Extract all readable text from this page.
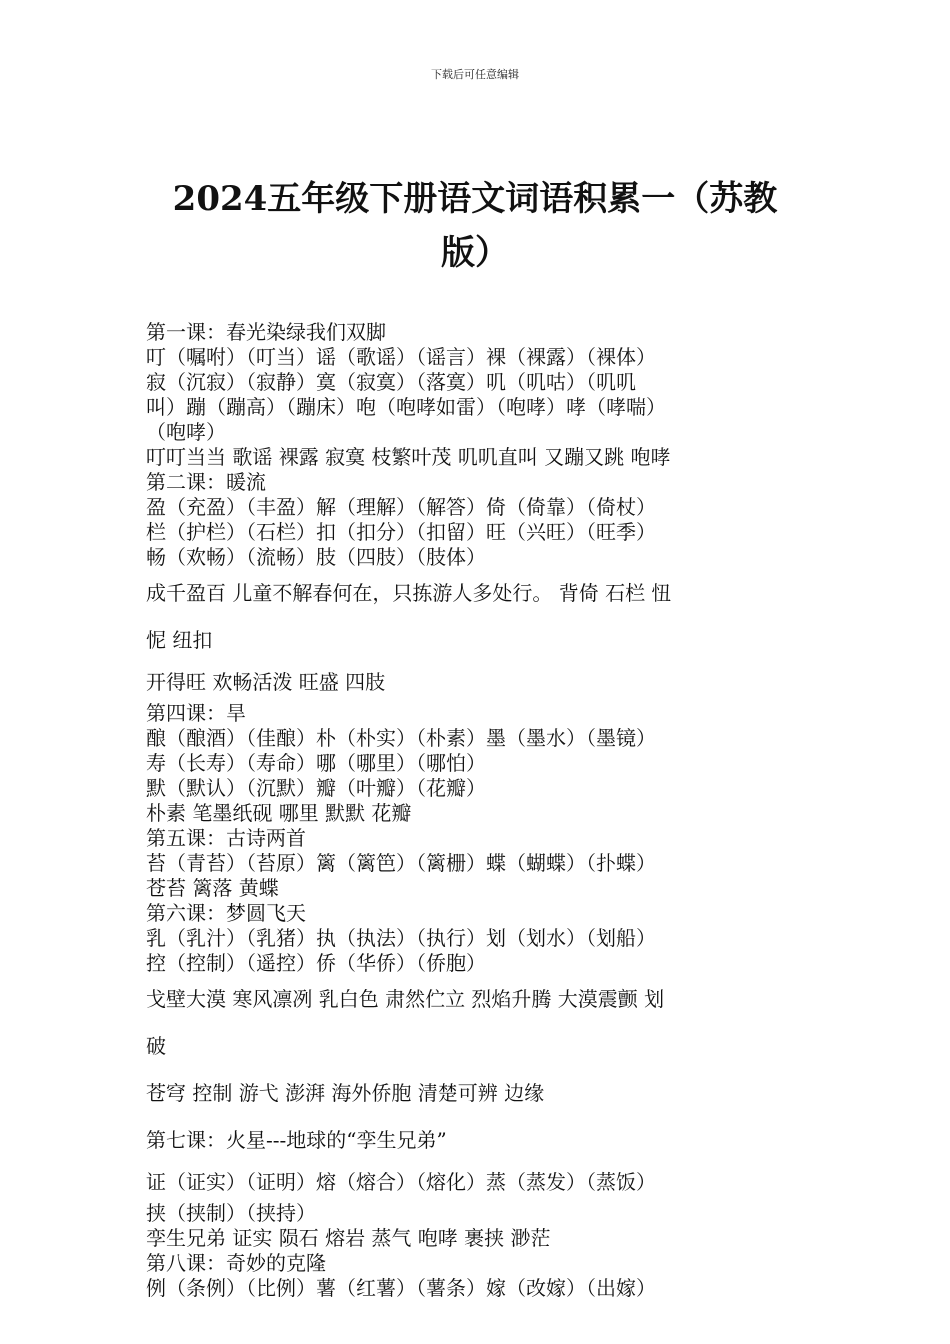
下载后可任意编辑
2024五年级下册语文词语积累一（苏教
版）
第一课：春光染绿我们双脚
叮（嘱咐）（叮当）谣（歌谣）（谣言）裸（裸露）（裸体）
寂（沉寂）（寂静）寞（寂寞）（落寞）叽（叽咕）（叽叽
叫）蹦（蹦高）（蹦床）咆（咆哮如雷）（咆哮）哮（哮喘）
（咆哮）
叮叮当当 歌谣 裸露 寂寞 枝繁叶茂 叽叽直叫 又蹦又跳 咆哮
第二课：暖流
盈（充盈）（丰盈）解（理解）（解答）倚（倚靠）（倚杖）
栏（护栏）（石栏）扣（扣分）（扣留）旺（兴旺）（旺季）
畅（欢畅）（流畅）肢（四肢）（肢体）
成千盈百 儿童不解春何在，只拣游人多处行。 背倚 石栏 忸
怩 纽扣
开得旺 欢畅活泼 旺盛 四肢
第四课：旱
酿（酿酒）（佳酿）朴（朴实）（朴素）墨（墨水）（墨镜）
寿（长寿）（寿命）哪（哪里）（哪怕）
默（默认）（沉默）瓣（叶瓣）（花瓣）
朴素 笔墨纸砚 哪里 默默 花瓣
第五课：古诗两首
苔（青苔）（苔原）篱（篱笆）（篱栅）蝶（蝴蝶）（扑蝶）
苍苔 篱落 黄蝶
第六课：梦圆飞天
乳（乳汁）（乳猪）执（执法）（执行）划（划水）（划船）
控（控制）（遥控）侨（华侨）（侨胞）
戈壁大漠 寒风凛冽 乳白色 肃然伫立 烈焰升腾 大漠震颤 划
破
苍穹 控制 游弋 澎湃 海外侨胞 清楚可辨 边缘
第七课：火星---地球的“孪生兄弟”
证（证实）（证明）熔（熔合）（熔化）蒸（蒸发）（蒸饭）
挟（挟制）（挟持）
孪生兄弟 证实 陨石 熔岩 蒸气 咆哮 裹挟 渺茫
第八课：奇妙的克隆
例（条例）（比例）薯（红薯）（薯条）嫁（改嫁）（出嫁）
